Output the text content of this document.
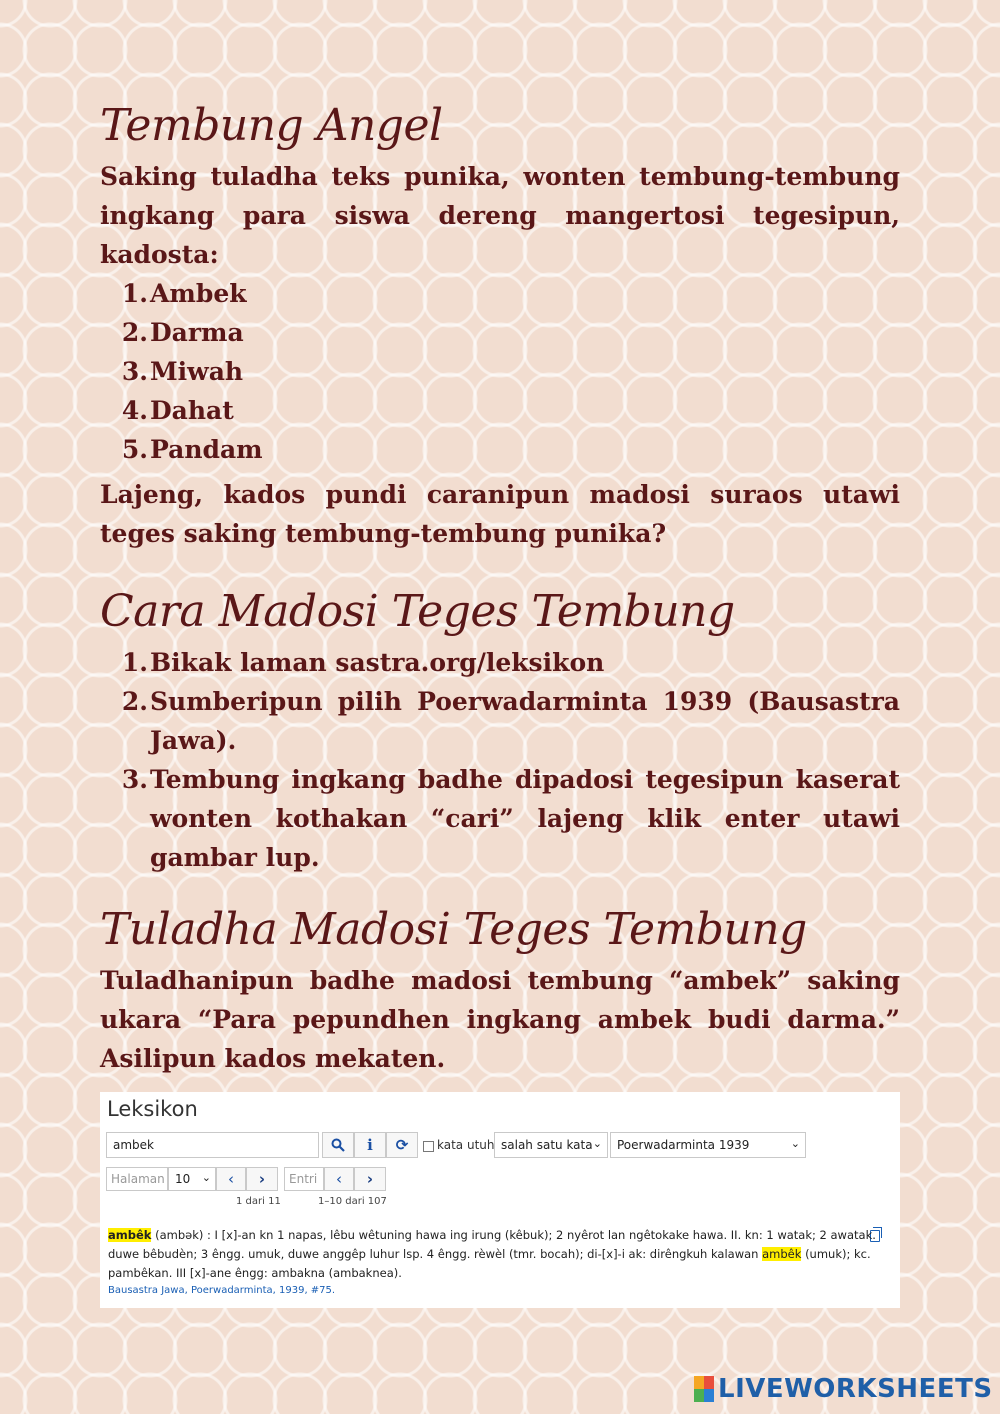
Tembung Angel

Saking tuladha teks punika, wonten tembung-tembung ingkang para siswa dereng mangertosi tegesipun, kadosta:

1. Ambek
2. Darma
3. Miwah
4. Dahat
5. Pandam

Lajeng, kados pundi caranipun madosi suraos utawi teges saking tembung-tembung punika?

Cara Madosi Teges Tembung
1. Bikak laman sastra.org/leksikon
2. Sumberipun pilih Poerwadarminta 1939 (Bausastra Jawa).
3. Tembung ingkang badhe dipadosi tegesipun kaserat wonten kothakan “cari” lajeng klik enter utawi gambar lup.
Tuladha Madosi Teges Tembung

Tuladhanipun badhe madosi tembung “ambek” saking ukara “Para pepundhen ingkang ambek budi darma.” Asilipun kados mekaten.

Leksikon
ambek	i ⟳ kata utuh salah satu kata ⌄	Poerwadarminta 1939	⌄
Halaman 10 ⌄ ‹ ›	Entri	‹ ›
1 dari 11	1–10 dari 107
ambêk (ambək) : I [x]-an kn 1 napas, lêbu wêtuning hawa ing irung (kêbuk); 2 nyêrot lan ngêtokake hawa. II. kn: 1 watak; 2 awatak.
duwe bêbudèn; 3 êngg. umuk, duwe anggêp luhur lsp. 4 êngg. rèwèl (tmr. bocah); di-[x]-i ak: dirêngkuh kalawan ambêk (umuk); kc.
pambêkan. III [x]-ane êngg: ambakna (ambaknea).
Bausastra Jawa, Poerwadarminta, 1939, #75.
LIVEWORKSHEETS
